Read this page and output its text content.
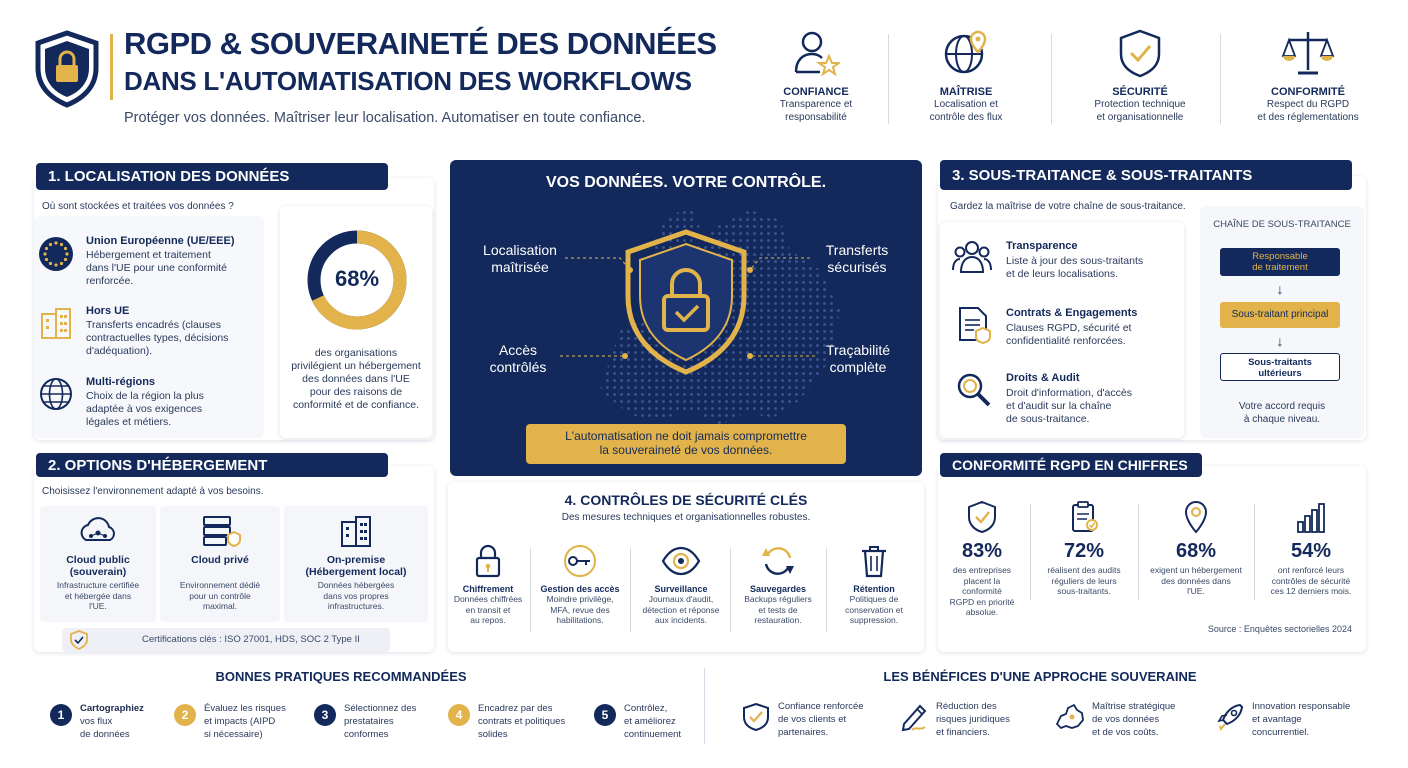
RGPD & SOUVERAINETÉ DES DONNÉES
DANS L'AUTOMATISATION DES WORKFLOWS
Protéger vos données. Maîtriser leur localisation. Automatiser en toute confiance.
CONFIANCE
Transparence et
responsabilité
MAÎTRISE
Localisation et
contrôle des flux
SÉCURITÉ
Protection technique
et organisationnelle
CONFORMITÉ
Respect du RGPD
et des réglementations
1. LOCALISATION DES DONNÉES
Où sont stockées et traitées vos données ?
Union Européenne (UE/EEE)
Hébergement et traitement
dans l'UE pour une conformité
renforcée.
Hors UE
Transferts encadrés (clauses
contractuelles types, décisions
d'adéquation).
Multi-régions
Choix de la région la plus
adaptée à vos exigences
légales et métiers.
68%
des organisations
privilégient un hébergement
des données dans l'UE
pour des raisons de
conformité et de confiance.
VOS DONNÉES. VOTRE CONTRÔLE.
Localisation
maîtrisée
Transferts
sécurisés
Accès
contrôlés
Traçabilité
complète
L'automatisation ne doit jamais compromettre
la souveraineté de vos données.
3. SOUS-TRAITANCE & SOUS-TRAITANTS
Gardez la maîtrise de votre chaîne de sous-traitance.
Transparence
Liste à jour des sous-traitants
et de leurs localisations.
Contrats & Engagements
Clauses RGPD, sécurité et
confidentialité renforcées.
Droits & Audit
Droit d'information, d'accès
et d'audit sur la chaîne
de sous-traitance.
CHAÎNE DE SOUS-TRAITANCE
Responsable
de traitement
↓
Sous-traitant principal
↓
Sous-traitants
ultérieurs
Votre accord requis
à chaque niveau.
2. OPTIONS D'HÉBERGEMENT
Choisissez l'environnement adapté à vos besoins.
Cloud public
(souverain)
Infrastructure certifiée
et hébergée dans
l'UE.
Cloud privé
Environnement dédié
pour un contrôle
maximal.
On-premise
(Hébergement local)
Données hébergées
dans vos propres
infrastructures.
Certifications clés : ISO 27001, HDS, SOC 2 Type II
4. CONTRÔLES DE SÉCURITÉ CLÉS
Des mesures techniques et organisationnelles robustes.
Chiffrement
Données chiffrées
en transit et
au repos.
Gestion des accès
Moindre privilège,
MFA, revue des
habilitations.
Surveillance
Journaux d'audit,
détection et réponse
aux incidents.
Sauvegardes
Backups réguliers
et tests de
restauration.
Rétention
Politiques de
conservation et
suppression.
CONFORMITÉ RGPD EN CHIFFRES
83%
des entreprises
placent la conformité
RGPD en priorité
absolue.
72%
réalisent des audits
réguliers de leurs
sous-traitants.
68%
exigent un hébergement
des données dans
l'UE.
54%
ont renforcé leurs
contrôles de sécurité
ces 12 derniers mois.
Source : Enquêtes sectorielles 2024
BONNES PRATIQUES RECOMMANDÉES	LES BÉNÉFICES D'UNE APPROCHE SOUVERAINE
1	Cartographiez
vos flux
de données
2	Évaluez les risques
et impacts (AIPD
si nécessaire)
3	Sélectionnez des
prestataires
conformes
4	Encadrez par des
contrats et politiques
solides
5	Contrôlez,
et améliorez
continuement
Confiance renforcée
de vos clients et
partenaires.
Réduction des
risques juridiques
et financiers.
Maîtrise stratégique
de vos données
et de vos coûts.
Innovation responsable
et avantage
concurrentiel.
